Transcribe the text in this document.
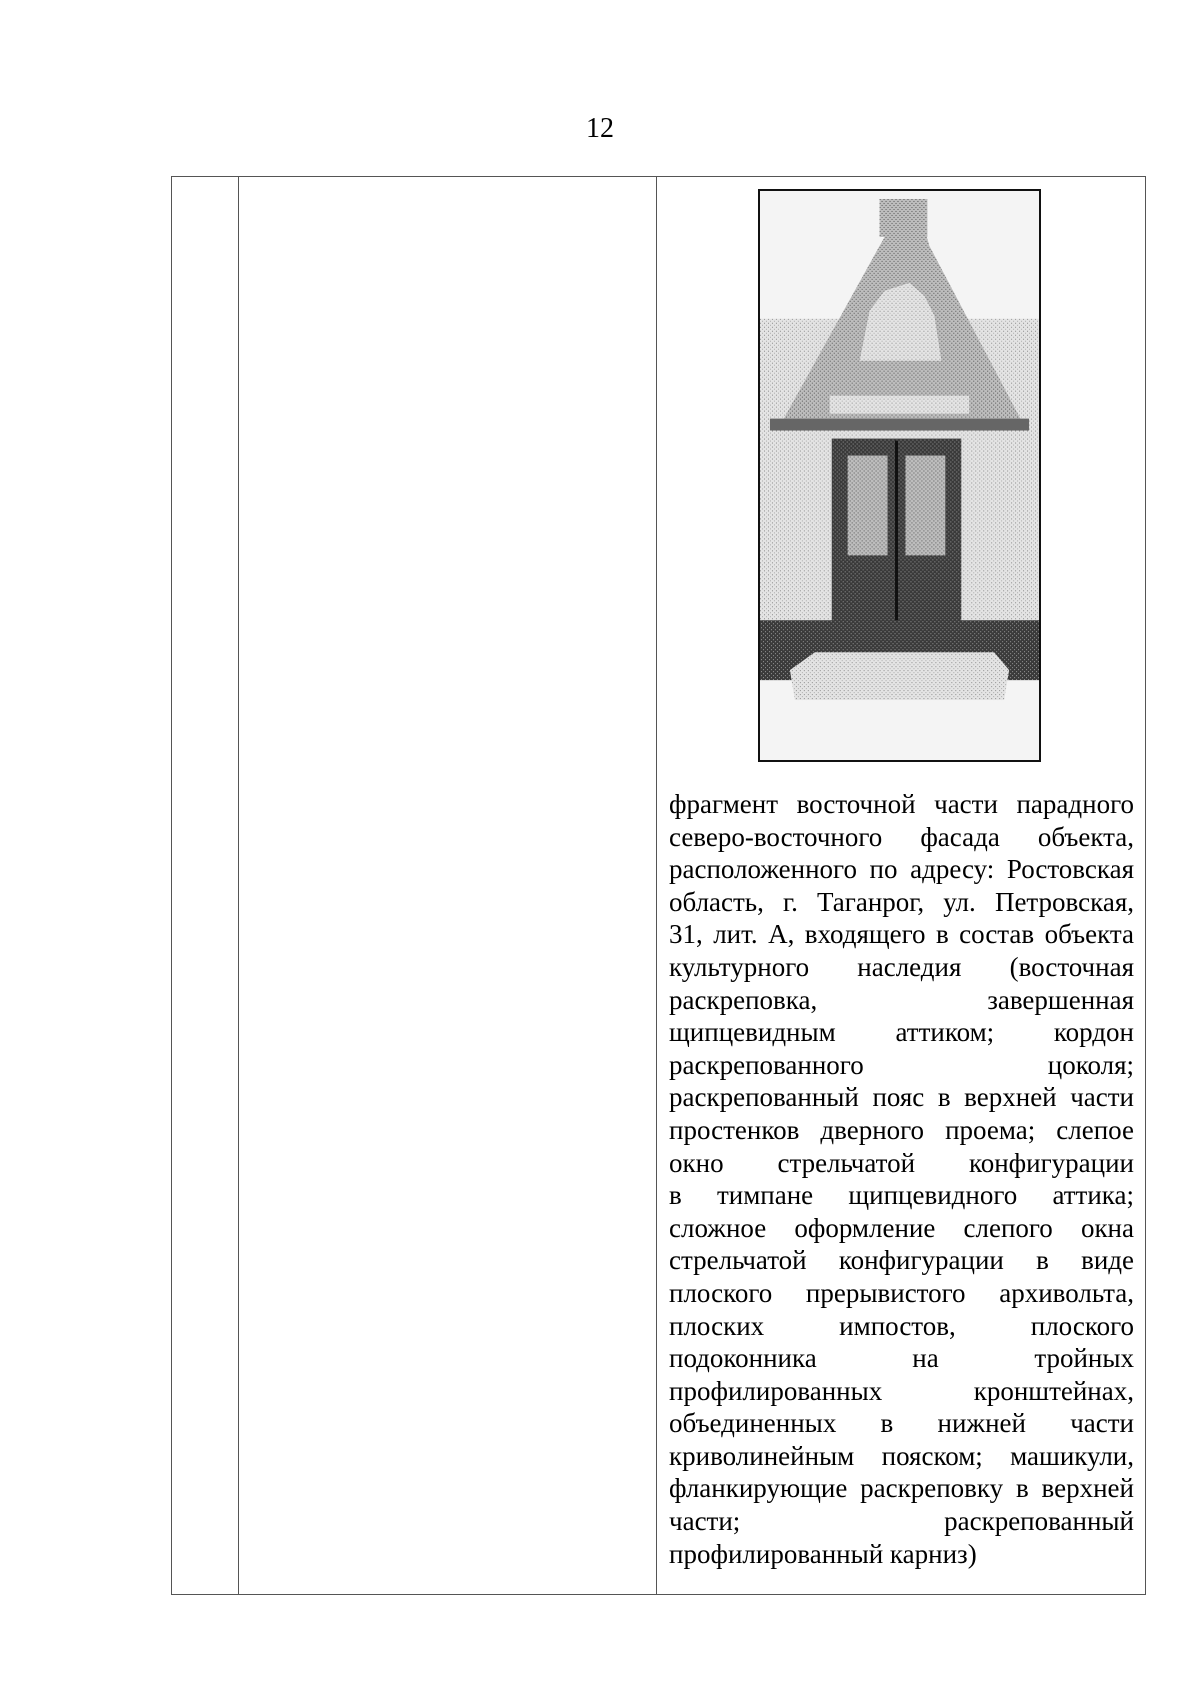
12
фрагмент восточной части парадного
северо-восточного фасада объекта,
расположенного по адресу: Ростовская
область, г. Таганрог, ул. Петровская,
31, лит. А, входящего в состав объекта
культурного наследия (восточная
раскреповка, завершенная
щипцевидным аттиком; кордон
раскрепованного цоколя;
раскрепованный пояс в верхней части
простенков дверного проема; слепое
окно стрельчатой конфигурации
в тимпане щипцевидного аттика;
сложное оформление слепого окна
стрельчатой конфигурации в виде
плоского прерывистого архивольта,
плоских импостов, плоского
подоконника на тройных
профилированных кронштейнах,
объединенных в нижней части
криволинейным пояском; машикули,
фланкирующие раскреповку в верхней
части; раскрепованный
профилированный карниз)
